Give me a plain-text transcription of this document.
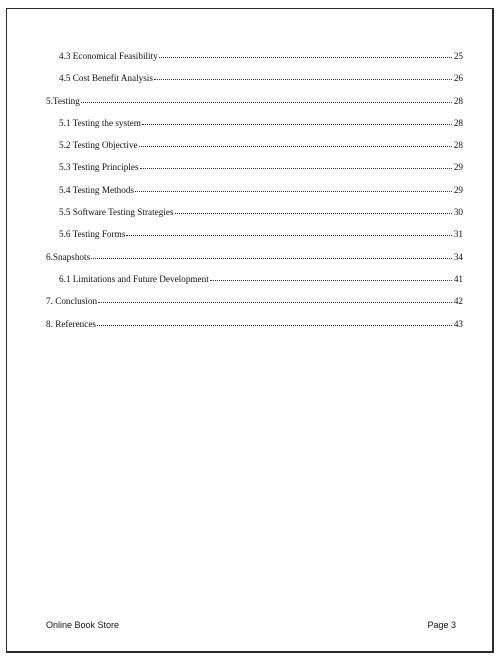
4.3 Economical Feasibility	25
4.5 Cost Benefit Analysis	26
5.Testing	28
5.1 Testing the system	28
5.2 Testing Objective	28
5.3 Testing Principles	29
5.4 Testing Methods	29
5.5 Software Testing Strategies	30
5.6 Testing Forms	31
6.Snapshots	34
6.1 Limitations and Future Development	41
7. Conclusion	42
8. References	43
Online Book Store	Page 3
